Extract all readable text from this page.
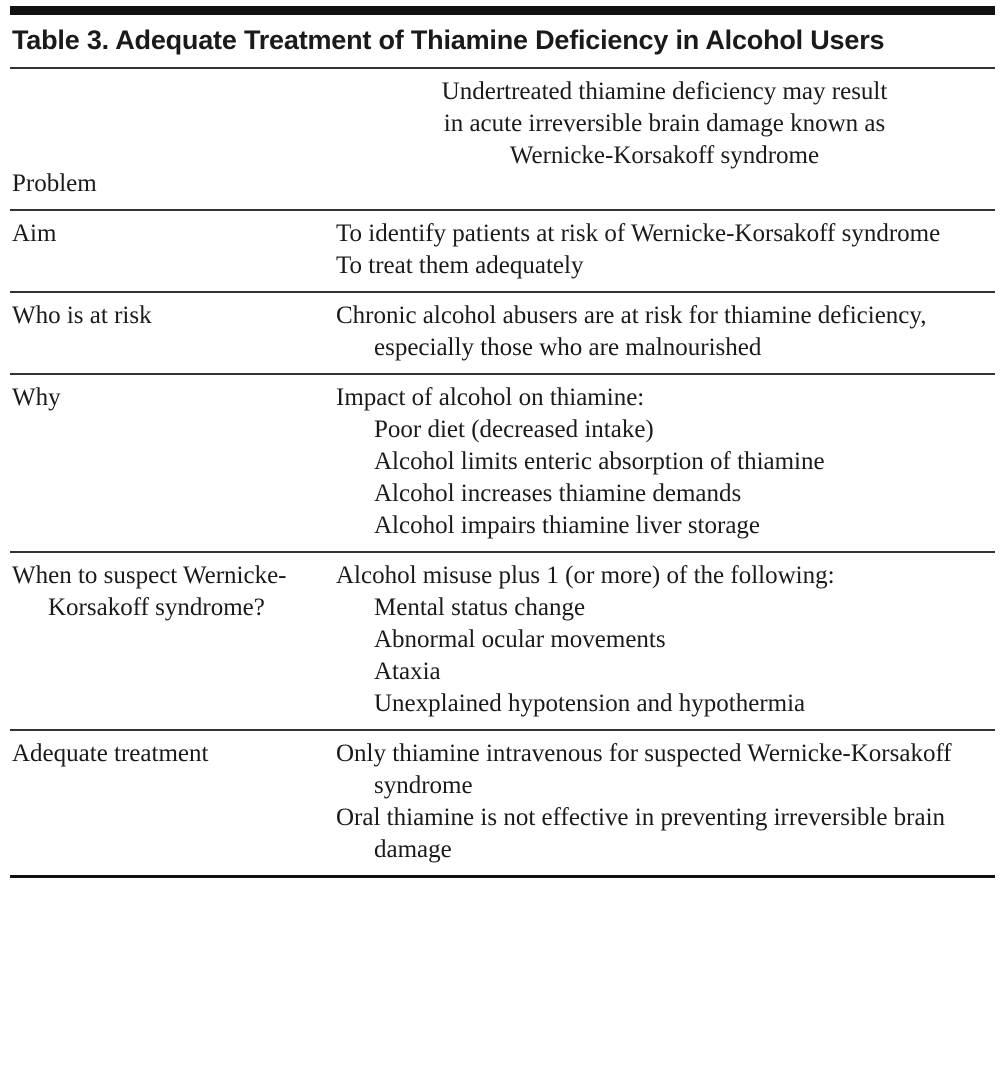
Table 3. Adequate Treatment of Thiamine Deficiency in Alcohol Users
Problem	Undertreated thiamine deficiency may result
in acute irreversible brain damage known as
Wernicke-Korsakoff syndrome

Aim	To identify patients at risk of Wernicke-Korsakoff syndrome
To treat them adequately

Who is at risk	Chronic alcohol abusers are at risk for thiamine deficiency, especially those who are malnourished

Why	Impact of alcohol on thiamine:
Poor diet (decreased intake)
Alcohol limits enteric absorption of thiamine
Alcohol increases thiamine demands
Alcohol impairs thiamine liver storage

When to suspect Wernicke-Korsakoff syndrome?	Alcohol misuse plus 1 (or more) of the following:
Mental status change
Abnormal ocular movements
Ataxia
Unexplained hypotension and hypothermia

Adequate treatment	Only thiamine intravenous for suspected Wernicke-Korsakoff syndrome
Oral thiamine is not effective in preventing irreversible brain damage
